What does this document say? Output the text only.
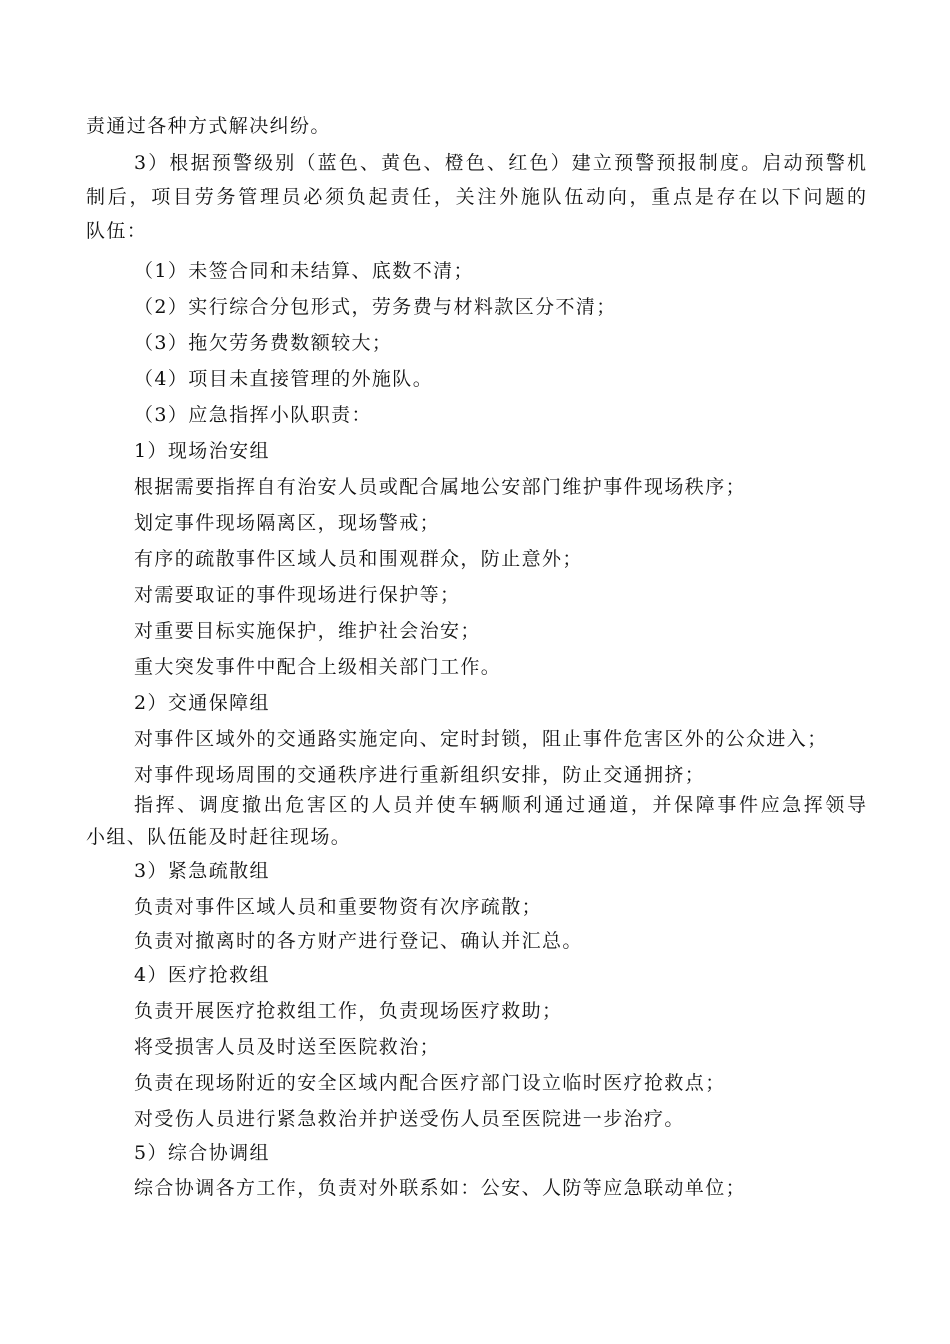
责通过各种方式解决纠纷。
3）根据预警级别（蓝色、黄色、橙色、红色）建立预警预报制度。启动预警机
制后，项目劳务管理员必须负起责任，关注外施队伍动向，重点是存在以下问题的
队伍：
（1）未签合同和未结算、底数不清；
（2）实行综合分包形式，劳务费与材料款区分不清；
（3）拖欠劳务费数额较大；
（4）项目未直接管理的外施队。
（3）应急指挥小队职责：
1）现场治安组
根据需要指挥自有治安人员或配合属地公安部门维护事件现场秩序；
划定事件现场隔离区，现场警戒；
有序的疏散事件区域人员和围观群众，防止意外；
对需要取证的事件现场进行保护等；
对重要目标实施保护，维护社会治安；
重大突发事件中配合上级相关部门工作。
2）交通保障组
对事件区域外的交通路实施定向、定时封锁，阻止事件危害区外的公众进入；
对事件现场周围的交通秩序进行重新组织安排，防止交通拥挤；
指挥、调度撤出危害区的人员并使车辆顺利通过通道，并保障事件应急挥领导
小组、队伍能及时赶往现场。
3）紧急疏散组
负责对事件区域人员和重要物资有次序疏散；
负责对撤离时的各方财产进行登记、确认并汇总。
4）医疗抢救组
负责开展医疗抢救组工作，负责现场医疗救助；
将受损害人员及时送至医院救治；
负责在现场附近的安全区域内配合医疗部门设立临时医疗抢救点；
对受伤人员进行紧急救治并护送受伤人员至医院进一步治疗。
5）综合协调组
综合协调各方工作，负责对外联系如：公安、人防等应急联动单位；
